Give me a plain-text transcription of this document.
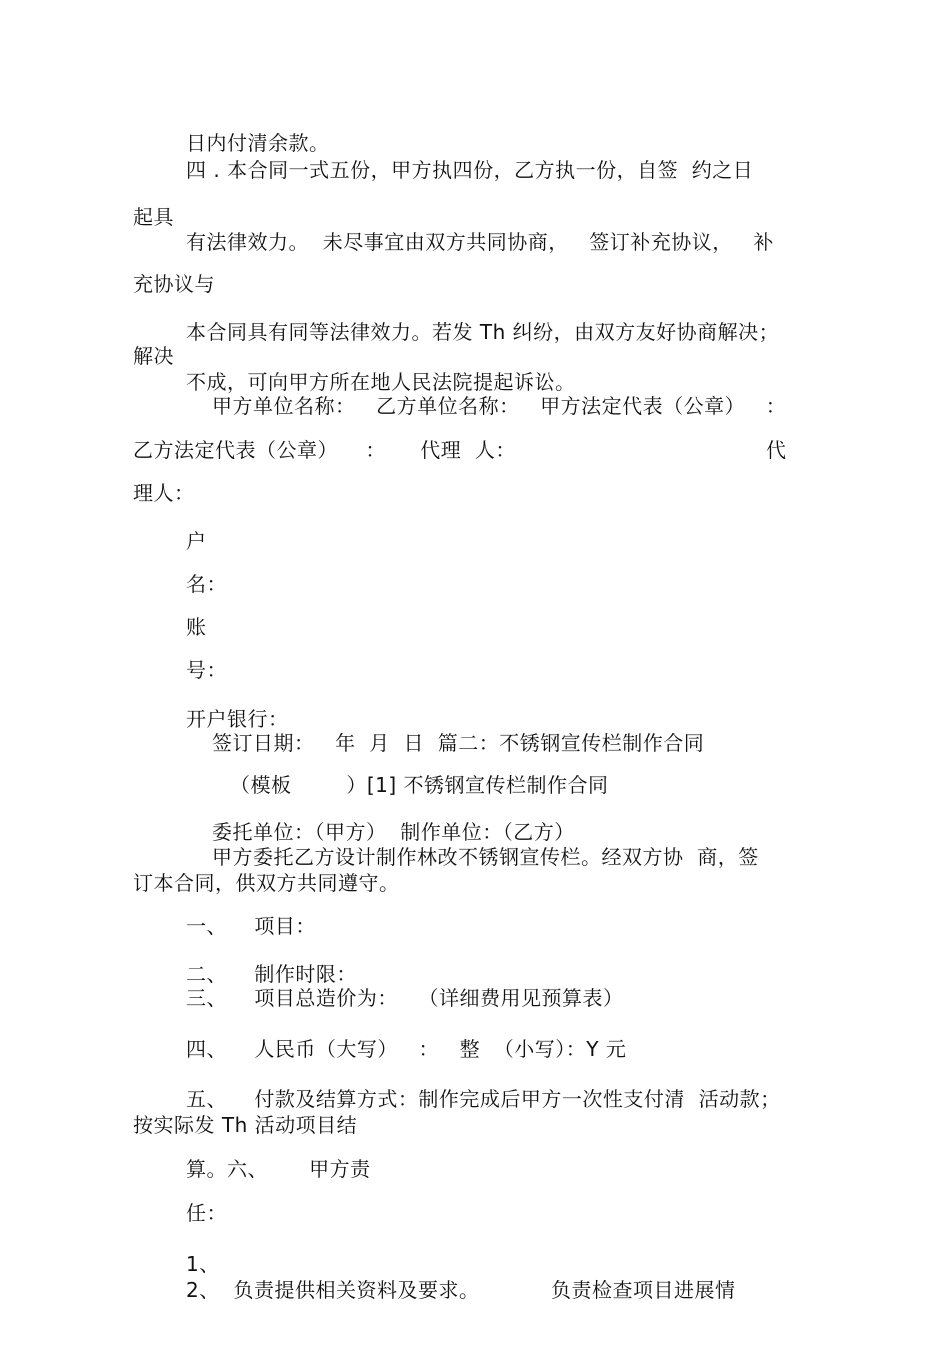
日内付清余款。
四 . 本合同一式五份，甲方执四份，乙方执一份，自签  约之日
起具
有法律效力。  未尽事宜由双方共同协商，   签订补充协议，   补
充协议与
本合同具有同等法律效力。若发 Th 纠纷，由双方友好协商解决；
解决
不成，可向甲方所在地人民法院提起诉讼。
甲方单位名称：   乙方单位名称：   甲方法定代表（公章）   ：
乙方法定代表（公章）    ：     代理  人：	代
理人：
户
名：
账
号：
开户银行：
签订日期：   年  月  日  篇二：不锈钢宣传栏制作合同
（模板        ）[1] 不锈钢宣传栏制作合同
委托单位：（甲方）  制作单位：（乙方）
甲方委托乙方设计制作林改不锈钢宣传栏。经双方协  商，签
订本合同，供双方共同遵守。
一、    项目：
二、    制作时限：
三、    项目总造价为：   （详细费用见预算表）
四、    人民币（大写）   ：   整  （小写）：Y 元
五、    付款及结算方式：制作完成后甲方一次性支付清  活动款；
按实际发 Th 活动项目结
算。六、      甲方责
任：
1、
2、  负责提供相关资料及要求。	负责检查项目进展情
